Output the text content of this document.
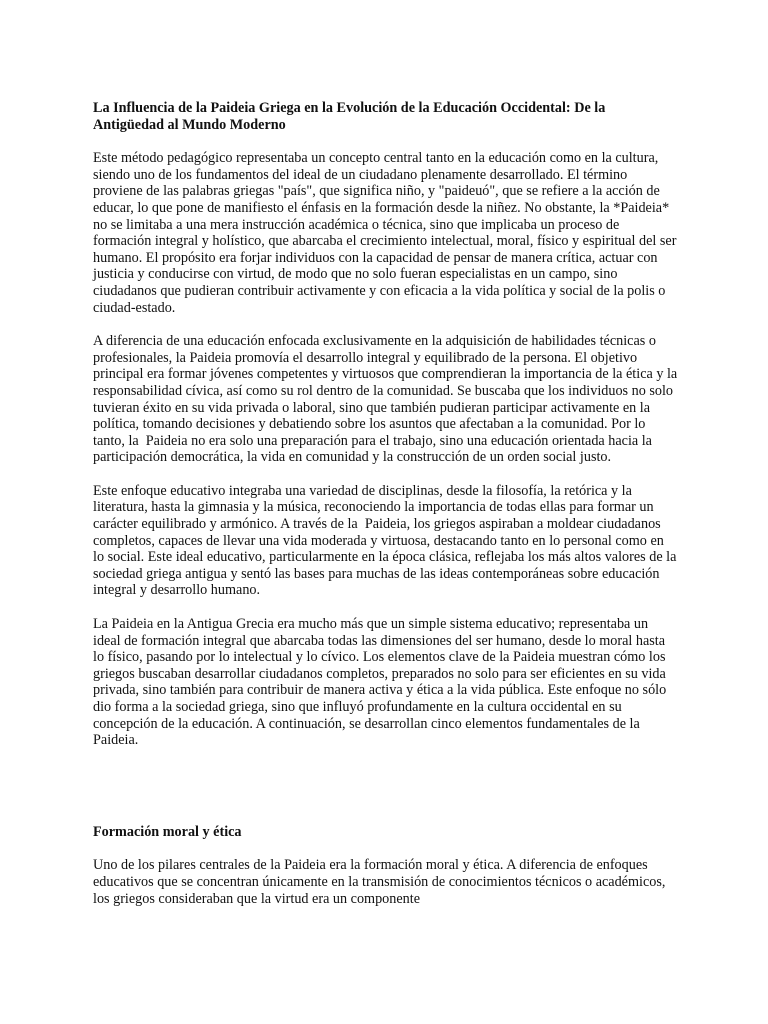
La Influencia de la Paideia Griega en la Evolución de la Educación Occidental: De la Antigüedad al Mundo Moderno

Este método pedagógico representaba un concepto central tanto en la educación como en la cultura, siendo uno de los fundamentos del ideal de un ciudadano plenamente desarrollado. El término proviene de las palabras griegas "país", que significa niño, y "paideuó", que se refiere a la acción de educar, lo que pone de manifiesto el énfasis en la formación desde la niñez. No obstante, la *Paideia* no se limitaba a una mera instrucción académica o técnica, sino que implicaba un proceso de formación integral y holístico, que abarcaba el crecimiento intelectual, moral, físico y espiritual del ser humano. El propósito era forjar individuos con la capacidad de pensar de manera crítica, actuar con justicia y conducirse con virtud, de modo que no solo fueran especialistas en un campo, sino ciudadanos que pudieran contribuir activamente y con eficacia a la vida política y social de la polis o ciudad-estado.

A diferencia de una educación enfocada exclusivamente en la adquisición de habilidades técnicas o profesionales, la Paideia promovía el desarrollo integral y equilibrado de la persona. El objetivo principal era formar jóvenes competentes y virtuosos que comprendieran la importancia de la ética y la responsabilidad cívica, así como su rol dentro de la comunidad. Se buscaba que los individuos no solo tuvieran éxito en su vida privada o laboral, sino que también pudieran participar activamente en la política, tomando decisiones y debatiendo sobre los asuntos que afectaban a la comunidad. Por lo tanto, la  Paideia no era solo una preparación para el trabajo, sino una educación orientada hacia la participación democrática, la vida en comunidad y la construcción de un orden social justo.

Este enfoque educativo integraba una variedad de disciplinas, desde la filosofía, la retórica y la literatura, hasta la gimnasia y la música, reconociendo la importancia de todas ellas para formar un carácter equilibrado y armónico. A través de la  Paideia, los griegos aspiraban a moldear ciudadanos completos, capaces de llevar una vida moderada y virtuosa, destacando tanto en lo personal como en lo social. Este ideal educativo, particularmente en la época clásica, reflejaba los más altos valores de la sociedad griega antigua y sentó las bases para muchas de las ideas contemporáneas sobre educación integral y desarrollo humano.

La Paideia en la Antigua Grecia era mucho más que un simple sistema educativo; representaba un ideal de formación integral que abarcaba todas las dimensiones del ser humano, desde lo moral hasta lo físico, pasando por lo intelectual y lo cívico. Los elementos clave de la Paideia muestran cómo los griegos buscaban desarrollar ciudadanos completos, preparados no solo para ser eficientes en su vida privada, sino también para contribuir de manera activa y ética a la vida pública. Este enfoque no sólo dio forma a la sociedad griega, sino que influyó profundamente en la cultura occidental en su concepción de la educación. A continuación, se desarrollan cinco elementos fundamentales de la Paideia.

Formación moral y ética

Uno de los pilares centrales de la Paideia era la formación moral y ética. A diferencia de enfoques educativos que se concentran únicamente en la transmisión de conocimientos técnicos o académicos, los griegos consideraban que la virtud era un componente
